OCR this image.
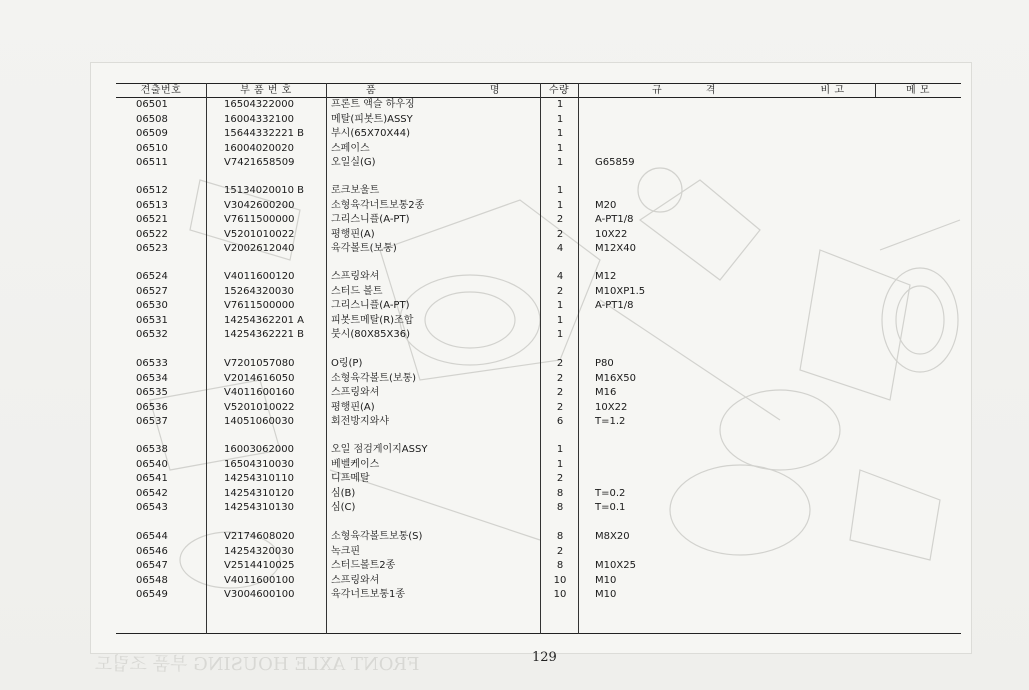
FRONT AXLE HOUSING 부품 조립도
견출번호	부 품 번 호	품 명	수량	규 격	비 고	메 모
06501	16504322000	프론트 액슬 하우징	1
06508	16004332100	메탈(피봇트)ASSY	1
06509	15644332221 B	부시(65X70X44)	1
06510	16004020020	스페이스	1
06511	V7421658509	오일실(G)	1	G65859
06512	15134020010 B	로크보울트	1
06513	V3042600200	소형육각너트보통2종	1	M20
06521	V7611500000	그리스니플(A-PT)	2	A-PT1/8
06522	V5201010022	평행핀(A)	2	10X22
06523	V2002612040	육각볼트(보통)	4	M12X40
06524	V4011600120	스프링와셔	4	M12
06527	15264320030	스터드 볼트	2	M10XP1.5
06530	V7611500000	그리스니플(A-PT)	1	A-PT1/8
06531	14254362201 A	피봇트메탈(R)조합	1
06532	14254362221 B	붓시(80X85X36)	1
06533	V7201057080	O링(P)	2	P80
06534	V2014616050	소형육각볼트(보통)	2	M16X50
06535	V4011600160	스프링와셔	2	M16
06536	V5201010022	평행핀(A)	2	10X22
06537	14051060030	회전방지와샤	6	T=1.2
06538	16003062000	오일 점검게이지ASSY	1
06540	16504310030	베벨케이스	1
06541	14254310110	디프메탈	2
06542	14254310120	심(B)	8	T=0.2
06543	14254310130	심(C)	8	T=0.1
06544	V2174608020	소형육각볼트보통(S)	8	M8X20
06546	14254320030	녹크핀	2
06547	V2514410025	스터드볼트2종	8	M10X25
06548	V4011600100	스프링와셔	10	M10
06549	V3004600100	육각너트보통1종	10	M10
129
